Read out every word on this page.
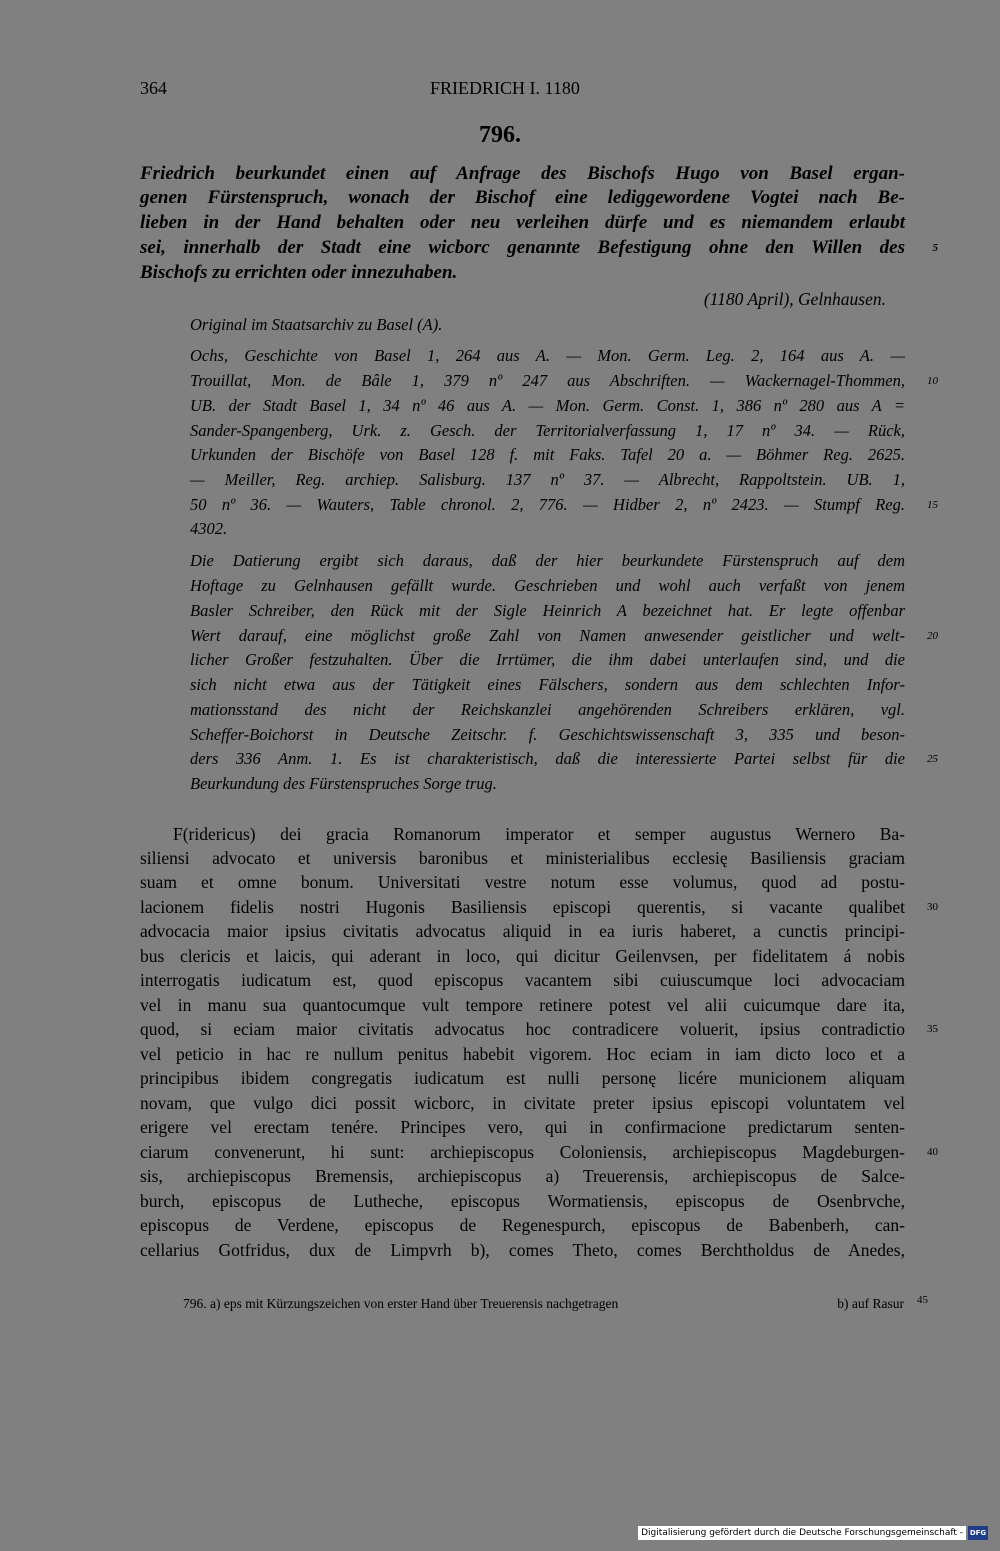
364	FRIEDRICH I. 1180
796.
Friedrich beurkundet einen auf Anfrage des Bischofs Hugo von Basel ergan-
genen Fürstenspruch, wonach der Bischof eine lediggewordene Vogtei nach Be-
lieben in der Hand behalten oder neu verleihen dürfe und es niemandem erlaubt
sei, innerhalb der Stadt eine wicborc genannte Befestigung ohne den Willen des	5
Bischofs zu errichten oder innezuhaben.
(1180 April), Gelnhausen.
Original im Staatsarchiv zu Basel (A).
Ochs, Geschichte von Basel 1, 264 aus A. — Mon. Germ. Leg. 2, 164 aus A. —
Trouillat, Mon. de Bâle 1, 379 nº 247 aus Abschriften. — Wackernagel-Thommen,	10
UB. der Stadt Basel 1, 34 nº 46 aus A. — Mon. Germ. Const. 1, 386 nº 280 aus A =
Sander-Spangenberg, Urk. z. Gesch. der Territorialverfassung 1, 17 nº 34. — Rück,
Urkunden der Bischöfe von Basel 128 f. mit Faks. Tafel 20 a. — Böhmer Reg. 2625.
— Meiller, Reg. archiep. Salisburg. 137 nº 37. — Albrecht, Rappoltstein. UB. 1,
50 nº 36. — Wauters, Table chronol. 2, 776. — Hidber 2, nº 2423. — Stumpf Reg.	15
4302.
Die Datierung ergibt sich daraus, daß der hier beurkundete Fürstenspruch auf dem
Hoftage zu Gelnhausen gefällt wurde. Geschrieben und wohl auch verfaßt von jenem
Basler Schreiber, den Rück mit der Sigle Heinrich A bezeichnet hat. Er legte offenbar
Wert darauf, eine möglichst große Zahl von Namen anwesender geistlicher und welt-	20
licher Großer festzuhalten. Über die Irrtümer, die ihm dabei unterlaufen sind, und die
sich nicht etwa aus der Tätigkeit eines Fälschers, sondern aus dem schlechten Infor-
mationsstand des nicht der Reichskanzlei angehörenden Schreibers erklären, vgl.
Scheffer-Boichorst in Deutsche Zeitschr. f. Geschichtswissenschaft 3, 335 und beson-
ders 336 Anm. 1. Es ist charakteristisch, daß die interessierte Partei selbst für die	25
Beurkundung des Fürstenspruches Sorge trug.
F(ridericus) dei gracia Romanorum imperator et semper augustus Wernero Ba-
siliensi advocato et universis baronibus et ministerialibus ecclesię Basiliensis graciam
suam et omne bonum. Universitati vestre notum esse volumus, quod ad postu-
lacionem fidelis nostri Hugonis Basiliensis episcopi querentis, si vacante qualibet	30
advocacia maior ipsius civitatis advocatus aliquid in ea iuris haberet, a cunctis principi-
bus clericis et laicis, qui aderant in loco, qui dicitur Geilenvsen, per fidelitatem á nobis
interrogatis iudicatum est, quod episcopus vacantem sibi cuiuscumque loci advocaciam
vel in manu sua quantocumque vult tempore retinere potest vel alii cuicumque dare ita,
quod, si eciam maior civitatis advocatus hoc contradicere voluerit, ipsius contradictio	35
vel peticio in hac re nullum penitus habebit vigorem. Hoc eciam in iam dicto loco et a
principibus ibidem congregatis iudicatum est nulli personę licére municionem aliquam
novam, que vulgo dici possit wicborc, in civitate preter ipsius episcopi voluntatem vel
erigere vel erectam tenére. Principes vero, qui in confirmacione predictarum senten-
ciarum convenerunt, hi sunt: archiepiscopus Coloniensis, archiepiscopus Magdeburgen-	40
sis, archiepiscopus Bremensis, archiepiscopus a) Treuerensis, archiepiscopus de Salce-
burch, episcopus de Lutheche, episcopus Wormatiensis, episcopus de Osenbrvche,
episcopus de Verdene, episcopus de Regenespurch, episcopus de Babenberh, can-
cellarius Gotfridus, dux de Limpvrh b), comes Theto, comes Berchtholdus de Anedes,
796. a) eps mit Kürzungszeichen von erster Hand über Treuerensis nachgetragen	b) auf Rasur 45
Digitalisierung gefördert durch die Deutsche Forschungsgemeinschaft - DFG
